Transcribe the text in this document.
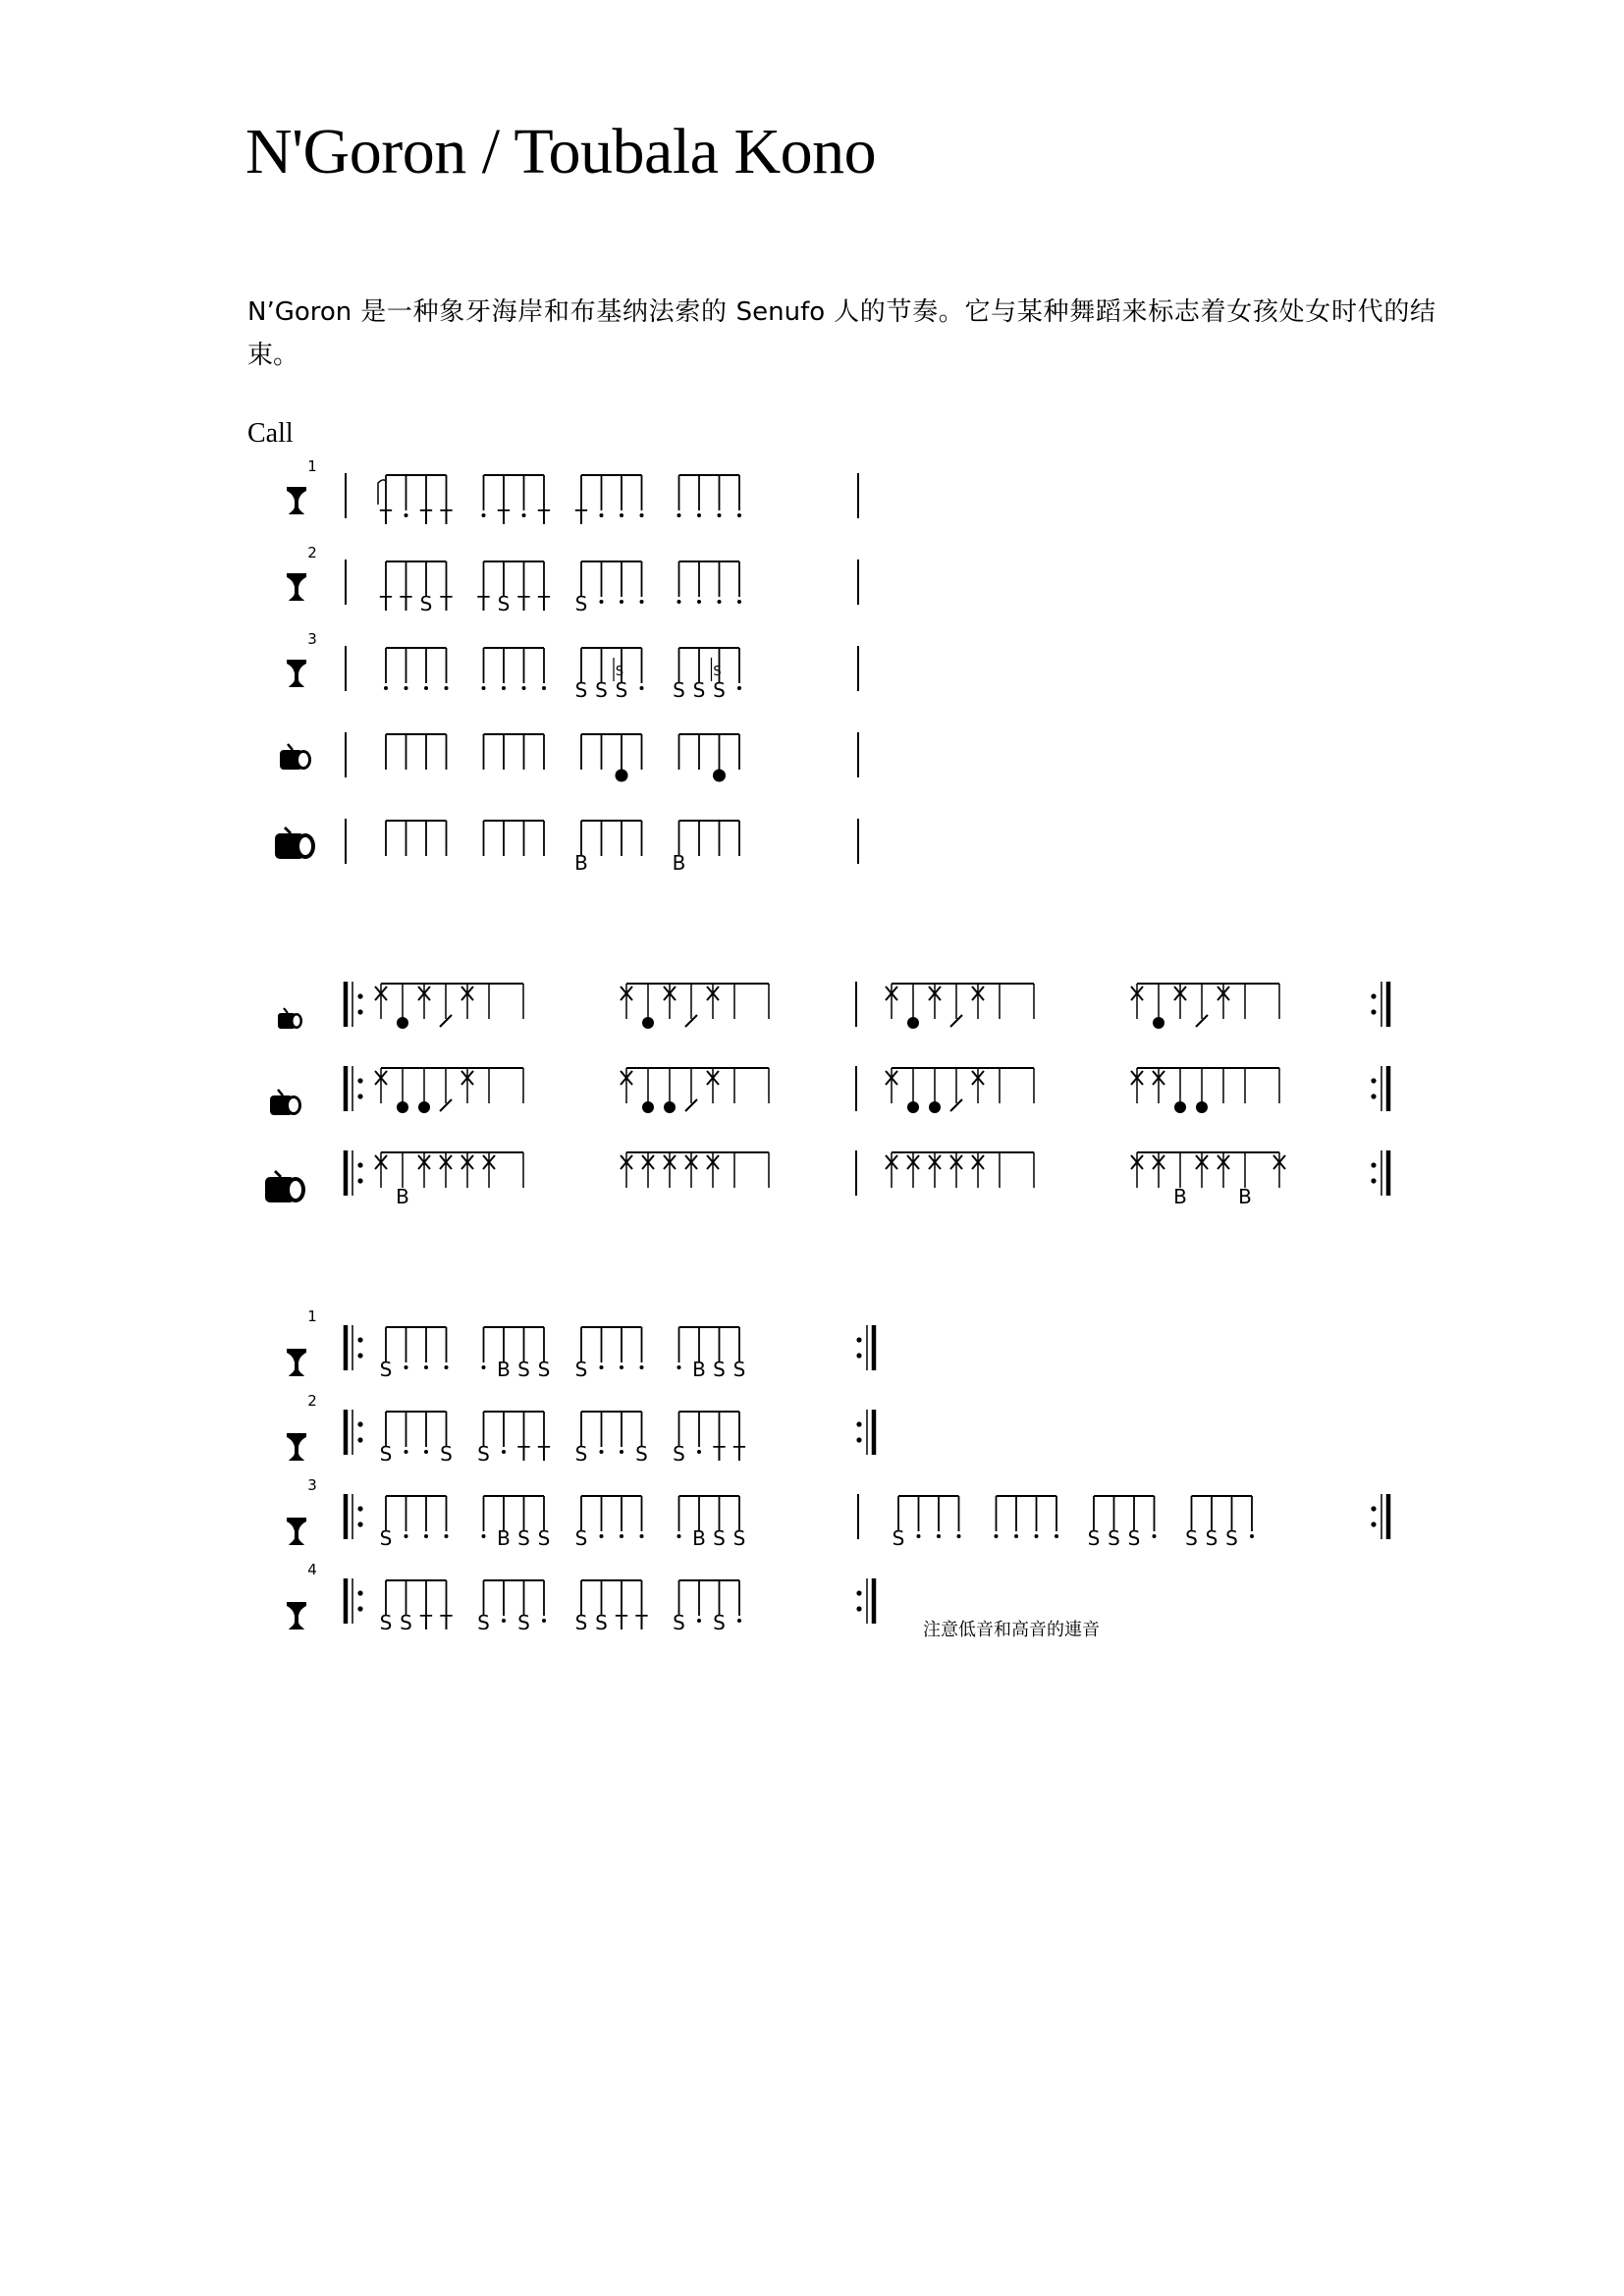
N'Goron / Toubala Kono

N’Goron 是一种象牙海岸和布基纳法索的 Senufo 人的节奏。它与某种舞蹈来标志着女孩处女时代的结束。

Call
1
T T T T T T
2
T T S T T S T T S
3
S S S S S S
S	S
B	B
B	B	B
1
S	B S S S	B S S
2
S S S T T S S S T T
3
S	B S S S	B S S	S	S S S S S S
4
S S T T S S S S T T S S	注意低音和高音的連音
